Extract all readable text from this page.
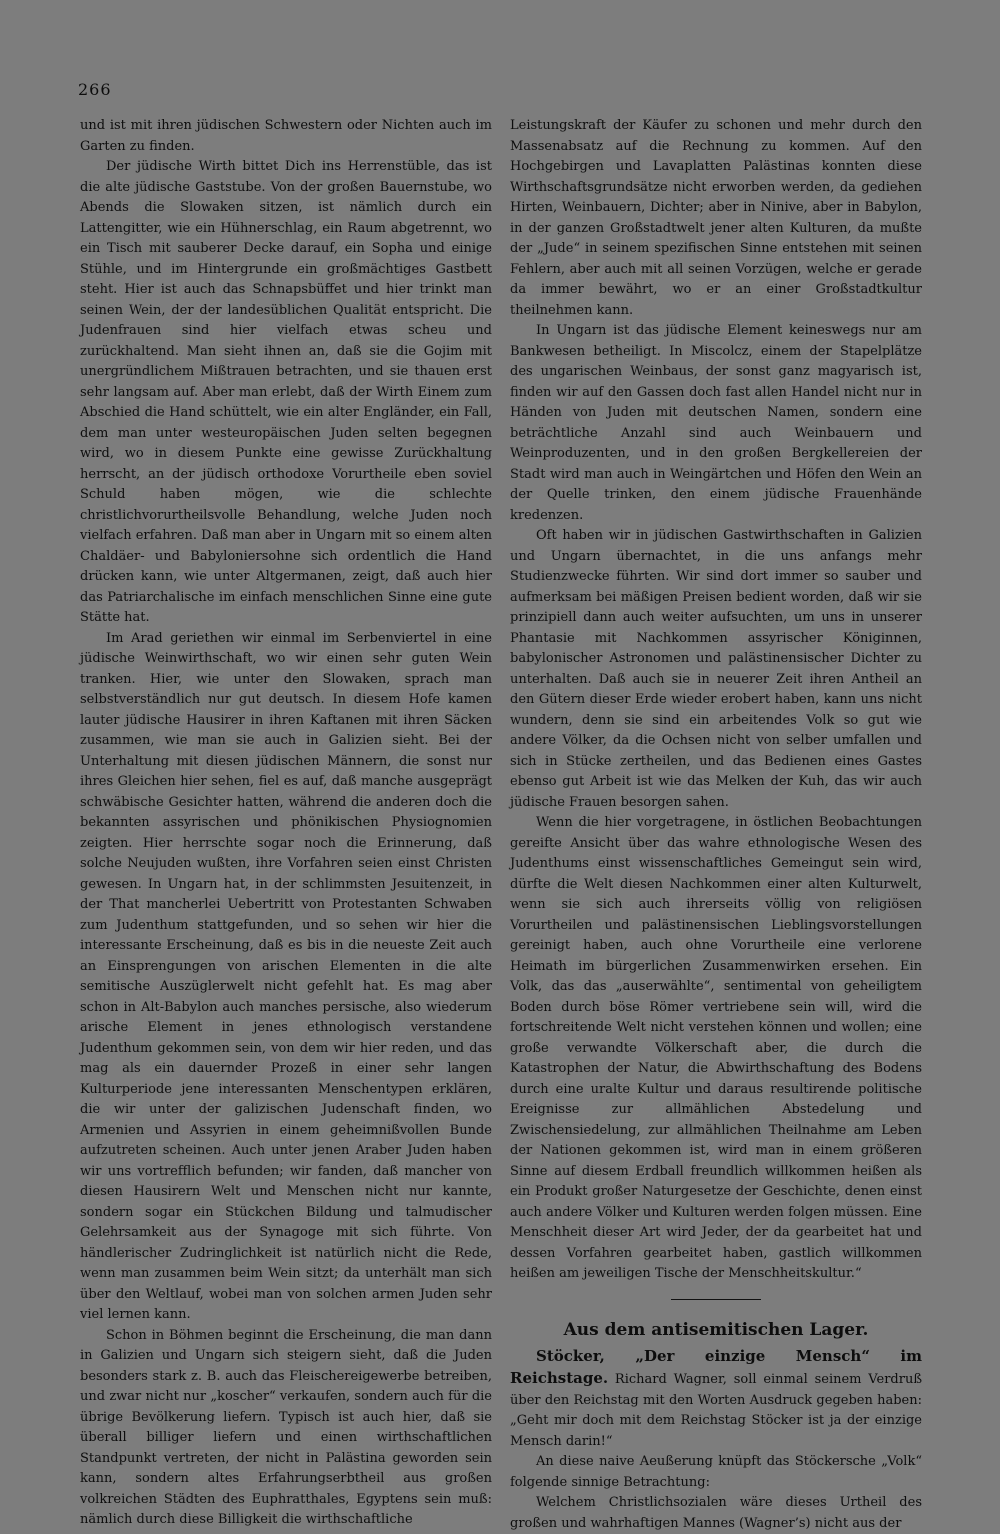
266

und ist mit ihren jüdischen Schwestern oder Nichten auch im Garten zu finden.

Der jüdische Wirth bittet Dich ins Herrenstüble, das ist die alte jüdische Gaststube. Von der großen Bauernstube, wo Abends die Slowaken sitzen, ist nämlich durch ein Lattengitter, wie ein Hühnerschlag, ein Raum abgetrennt, wo ein Tisch mit sauberer Decke darauf, ein Sopha und einige Stühle, und im Hintergrunde ein großmächtiges Gastbett steht. Hier ist auch das Schnapsbüffet und hier trinkt man seinen Wein, der der landesüblichen Qualität entspricht. Die Judenfrauen sind hier vielfach etwas scheu und zurückhaltend. Man sieht ihnen an, daß sie die Gojim mit unergründlichem Mißtrauen betrachten, und sie thauen erst sehr langsam auf. Aber man erlebt, daß der Wirth Einem zum Abschied die Hand schüttelt, wie ein alter Engländer, ein Fall, dem man unter westeuropäischen Juden selten begegnen wird, wo in diesem Punkte eine gewisse Zurückhaltung herrscht, an der jüdisch orthodoxe Vorurtheile eben soviel Schuld haben mögen, wie die schlechte christlichvorurtheilsvolle Behandlung, welche Juden noch vielfach erfahren. Daß man aber in Ungarn mit so einem alten Chaldäer- und Babyloniersohne sich ordentlich die Hand drücken kann, wie unter Altgermanen, zeigt, daß auch hier das Patriarchalische im einfach menschlichen Sinne eine gute Stätte hat.

Im Arad geriethen wir einmal im Serbenviertel in eine jüdische Weinwirthschaft, wo wir einen sehr guten Wein tranken. Hier, wie unter den Slowaken, sprach man selbstverständlich nur gut deutsch. In diesem Hofe kamen lauter jüdische Hausirer in ihren Kaftanen mit ihren Säcken zusammen, wie man sie auch in Galizien sieht. Bei der Unterhaltung mit diesen jüdischen Männern, die sonst nur ihres Gleichen hier sehen, fiel es auf, daß manche ausgeprägt schwäbische Gesichter hatten, während die anderen doch die bekannten assyrischen und phönikischen Physiognomien zeigten. Hier herrschte sogar noch die Erinnerung, daß solche Neujuden wußten, ihre Vorfahren seien einst Christen gewesen. In Ungarn hat, in der schlimmsten Jesuitenzeit, in der That mancherlei Uebertritt von Protestanten Schwaben zum Judenthum stattgefunden, und so sehen wir hier die interessante Erscheinung, daß es bis in die neueste Zeit auch an Einsprengungen von arischen Elementen in die alte semitische Auszüglerwelt nicht gefehlt hat. Es mag aber schon in Alt-Babylon auch manches persische, also wiederum arische Element in jenes ethnologisch verstandene Judenthum gekommen sein, von dem wir hier reden, und das mag als ein dauernder Prozeß in einer sehr langen Kulturperiode jene interessanten Menschentypen erklären, die wir unter der galizischen Judenschaft finden, wo Armenien und Assyrien in einem geheimnißvollen Bunde aufzutreten scheinen. Auch unter jenen Araber Juden haben wir uns vortrefflich befunden; wir fanden, daß mancher von diesen Hausirern Welt und Menschen nicht nur kannte, sondern sogar ein Stückchen Bildung und talmudischer Gelehrsamkeit aus der Synagoge mit sich führte. Von händlerischer Zudringlichkeit ist natürlich nicht die Rede, wenn man zusammen beim Wein sitzt; da unterhält man sich über den Weltlauf, wobei man von solchen armen Juden sehr viel lernen kann.

Schon in Böhmen beginnt die Erscheinung, die man dann in Galizien und Ungarn sich steigern sieht, daß die Juden besonders stark z. B. auch das Fleischereigewerbe betreiben, und zwar nicht nur „koscher“ verkaufen, sondern auch für die übrige Bevölkerung liefern. Typisch ist auch hier, daß sie überall billiger liefern und einen wirthschaftlichen Standpunkt vertreten, der nicht in Palästina geworden sein kann, sondern altes Erfahrungserbtheil aus großen volkreichen Städten des Euphratthales, Egyptens sein muß: nämlich durch diese Billigkeit die wirthschaftliche

Leistungskraft der Käufer zu schonen und mehr durch den Massenabsatz auf die Rechnung zu kommen. Auf den Hochgebirgen und Lavaplatten Palästinas konnten diese Wirthschaftsgrundsätze nicht erworben werden, da gediehen Hirten, Weinbauern, Dichter; aber in Ninive, aber in Babylon, in der ganzen Großstadtwelt jener alten Kulturen, da mußte der „Jude“ in seinem spezifischen Sinne entstehen mit seinen Fehlern, aber auch mit all seinen Vorzügen, welche er gerade da immer bewährt, wo er an einer Großstadtkultur theilnehmen kann.

In Ungarn ist das jüdische Element keineswegs nur am Bankwesen betheiligt. In Miscolcz, einem der Stapelplätze des ungarischen Weinbaus, der sonst ganz magyarisch ist, finden wir auf den Gassen doch fast allen Handel nicht nur in Händen von Juden mit deutschen Namen, sondern eine beträchtliche Anzahl sind auch Weinbauern und Weinproduzenten, und in den großen Bergkellereien der Stadt wird man auch in Weingärtchen und Höfen den Wein an der Quelle trinken, den einem jüdische Frauenhände kredenzen.

Oft haben wir in jüdischen Gastwirthschaften in Galizien und Ungarn übernachtet, in die uns anfangs mehr Studienzwecke führten. Wir sind dort immer so sauber und aufmerksam bei mäßigen Preisen bedient worden, daß wir sie prinzipiell dann auch weiter aufsuchten, um uns in unserer Phantasie mit Nachkommen assyrischer Königinnen, babylonischer Astronomen und palästinensischer Dichter zu unterhalten. Daß auch sie in neuerer Zeit ihren Antheil an den Gütern dieser Erde wieder erobert haben, kann uns nicht wundern, denn sie sind ein arbeitendes Volk so gut wie andere Völker, da die Ochsen nicht von selber umfallen und sich in Stücke zertheilen, und das Bedienen eines Gastes ebenso gut Arbeit ist wie das Melken der Kuh, das wir auch jüdische Frauen besorgen sahen.

Wenn die hier vorgetragene, in östlichen Beobachtungen gereifte Ansicht über das wahre ethnologische Wesen des Judenthums einst wissenschaftliches Gemeingut sein wird, dürfte die Welt diesen Nachkommen einer alten Kulturwelt, wenn sie sich auch ihrerseits völlig von religiösen Vorurtheilen und palästinensischen Lieblingsvorstellungen gereinigt haben, auch ohne Vorurtheile eine verlorene Heimath im bürgerlichen Zusammenwirken ersehen. Ein Volk, das das „auserwählte“, sentimental von geheiligtem Boden durch böse Römer vertriebene sein will, wird die fortschreitende Welt nicht verstehen können und wollen; eine große verwandte Völkerschaft aber, die durch die Katastrophen der Natur, die Abwirthschaftung des Bodens durch eine uralte Kultur und daraus resultirende politische Ereignisse zur allmählichen Abstedelung und Zwischensiedelung, zur allmählichen Theilnahme am Leben der Nationen gekommen ist, wird man in einem größeren Sinne auf diesem Erdball freundlich willkommen heißen als ein Produkt großer Naturgesetze der Geschichte, denen einst auch andere Völker und Kulturen werden folgen müssen. Eine Menschheit dieser Art wird Jeder, der da gearbeitet hat und dessen Vorfahren gearbeitet haben, gastlich willkommen heißen am jeweiligen Tische der Menschheitskultur.“

Aus dem antisemitischen Lager.

Stöcker, „Der einzige Mensch“ im Reichstage. Richard Wagner, soll einmal seinem Verdruß über den Reichstag mit den Worten Ausdruck gegeben haben: „Geht mir doch mit dem Reichstag Stöcker ist ja der einzige Mensch darin!“

An diese naive Aeußerung knüpft das Stöckersche „Volk“ folgende sinnige Betrachtung:

Welchem Christlichsozialen wäre dieses Urtheil des großen und wahrhaftigen Mannes (Wagner’s) nicht aus der
